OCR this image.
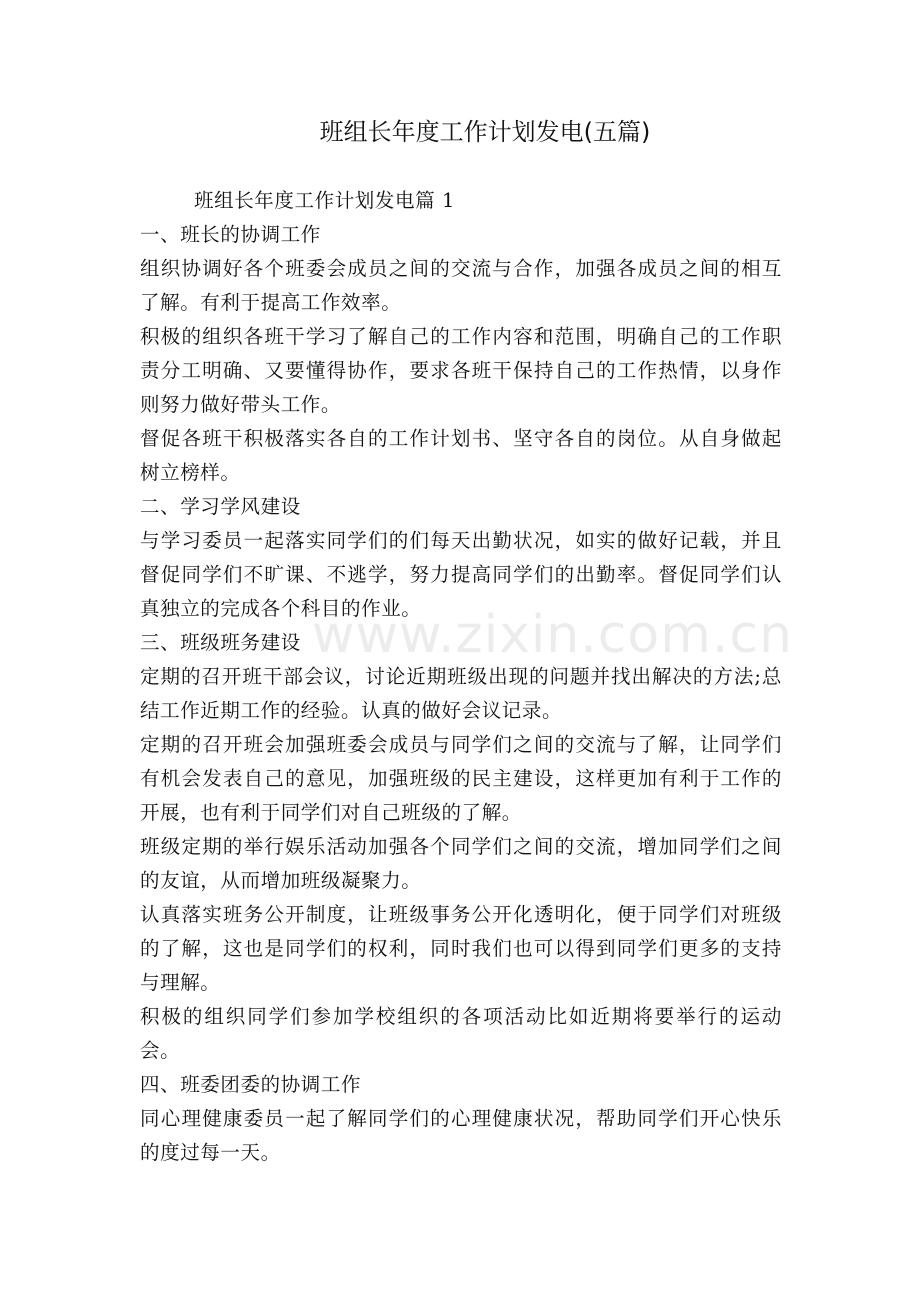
班组长年度工作计划发电(五篇)

班组长年度工作计划发电篇 1

一、班长的协调工作

组织协调好各个班委会成员之间的交流与合作，加强各成员之间的相互了解。有利于提高工作效率。

积极的组织各班干学习了解自己的工作内容和范围，明确自己的工作职责分工明确、又要懂得协作，要求各班干保持自己的工作热情，以身作则努力做好带头工作。

督促各班干积极落实各自的工作计划书、坚守各自的岗位。从自身做起树立榜样。

二、学习学风建设

与学习委员一起落实同学们的们每天出勤状况，如实的做好记载，并且督促同学们不旷课、不逃学，努力提高同学们的出勤率。督促同学们认真独立的完成各个科目的作业。

三、班级班务建设

定期的召开班干部会议，讨论近期班级出现的问题并找出解决的方法;总结工作近期工作的经验。认真的做好会议记录。

定期的召开班会加强班委会成员与同学们之间的交流与了解，让同学们有机会发表自己的意见，加强班级的民主建设，这样更加有利于工作的开展，也有利于同学们对自己班级的了解。

班级定期的举行娱乐活动加强各个同学们之间的交流，增加同学们之间的友谊，从而增加班级凝聚力。

认真落实班务公开制度，让班级事务公开化透明化，便于同学们对班级的了解，这也是同学们的权利，同时我们也可以得到同学们更多的支持与理解。

积极的组织同学们参加学校组织的各项活动比如近期将要举行的运动会。

四、班委团委的协调工作

同心理健康委员一起了解同学们的心理健康状况，帮助同学们开心快乐的度过每一天。

www.zixin.com.cn
